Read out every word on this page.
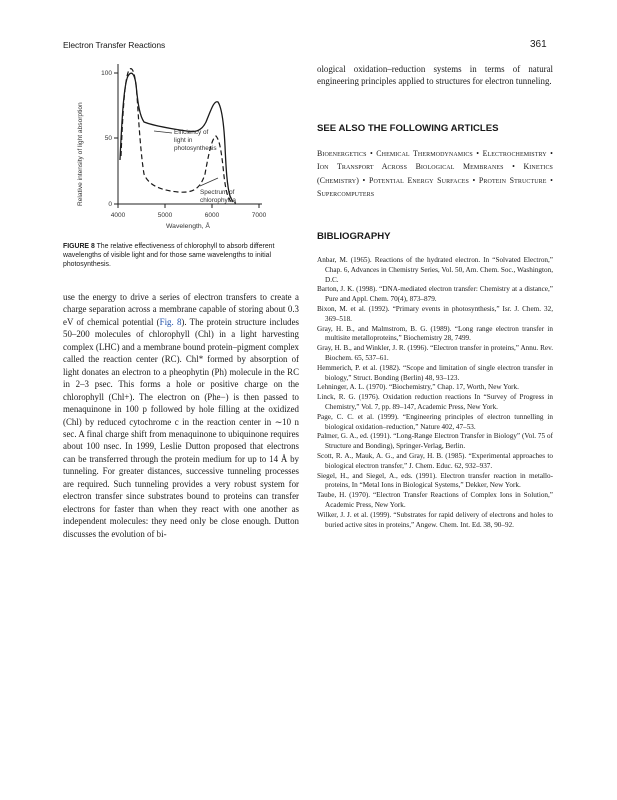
Electron Transfer Reactions	361
100
50
0
Relative intensity of light absorption
4000	5000	6000	7000
Wavelength, Å
Efficiency of
light in
photosynthesis
Spectrum of
chlorophyll a
FIGURE 8 The relative effectiveness of chlorophyll to absorb different wavelengths of visible light and for those same wavelengths to initial photosynthesis.
use the energy to drive a series of electron transfers to create a charge separation across a membrane capable of storing about 0.3 eV of chemical potential (Fig. 8). The protein structure includes 50–200 molecules of chlorophyll (Chl) in a light harvesting complex (LHC) and a membrane bound protein–pigment complex called the reaction center (RC). Chl* formed by absorption of light donates an electron to a pheophytin (Ph) molecule in the RC in 2–3 psec. This forms a hole or positive charge on the chlorophyll (Chl+). The electron on (Phe−) is then passed to menaquinone in 100 p followed by hole filling at the oxidized (Chl) by reduced cytochrome c in the reaction center in ∼10 n sec. A final charge shift from menaquinone to ubiquinone requires about 100 nsec. In 1999, Leslie Dutton proposed that electrons can be transferred through the protein medium for up to 14 Å by tunneling. For greater distances, successive tunneling processes are required. Such tunneling provides a very robust system for electron transfer since substrates bound to proteins can transfer electrons for faster than when they react with one another as independent molecules: they need only be close enough. Dutton discusses the evolution of bi-
ological oxidation–reduction systems in terms of natural engineering principles applied to structures for electron tunneling.
SEE ALSO THE FOLLOWING ARTICLES
Bioenergetics • Chemical Thermodynamics • Electrochemistry • Ion Transport Across Biological Membranes • Kinetics (Chemistry) • Potential Energy Surfaces • Protein Structure • Supercomputers
BIBLIOGRAPHY

Anbar, M. (1965). Reactions of the hydrated electron. In “Solvated Electron,” Chap. 6, Advances in Chemistry Series, Vol. 50, Am. Chem. Soc., Washington, D.C.

Barton, J. K. (1998). “DNA-mediated electron transfer: Chemistry at a distance,” Pure and Appl. Chem. 70(4), 873–879.

Bixon, M. et al. (1992). “Primary events in photosynthesis,” Isr. J. Chem. 32, 369–518.

Gray, H. B., and Malmstrom, B. G. (1989). “Long range electron transfer in multisite metalloproteins,” Biochemistry 28, 7499.

Gray, H. B., and Winkler, J. R. (1996). “Electron transfer in proteins,” Annu. Rev. Biochem. 65, 537–61.

Hemmerich, P. et al. (1982). “Scope and limitation of single electron transfer in biology,” Struct. Bonding (Berlin) 48, 93–123.

Lehninger, A. L. (1970). “Biochemistry,” Chap. 17, Worth, New York.

Linck, R. G. (1976). Oxidation reduction reactions In “Survey of Progress in Chemistry,” Vol. 7, pp. 89–147, Academic Press, New York.

Page, C. C. et al. (1999). “Engineering principles of electron tunnelling in biological oxidation–reduction,” Nature 402, 47–53.

Palmer, G. A., ed. (1991). “Long-Range Electron Transfer in Biology” (Vol. 75 of Structure and Bonding), Springer-Verlag, Berlin.

Scott, R. A., Mauk, A. G., and Gray, H. B. (1985). “Experimental approaches to biological electron transfer,” J. Chem. Educ. 62, 932–937.

Siegel, H., and Siegel, A., eds. (1991). Electron transfer reaction in metallo-proteins, In “Metal Ions in Biological Systems,” Dekker, New York.

Taube, H. (1970). “Electron Transfer Reactions of Complex Ions in Solution,” Academic Press, New York.

Wilker, J. J. et al. (1999). “Substrates for rapid delivery of electrons and holes to buried active sites in proteins,” Angew. Chem. Int. Ed. 38, 90–92.
